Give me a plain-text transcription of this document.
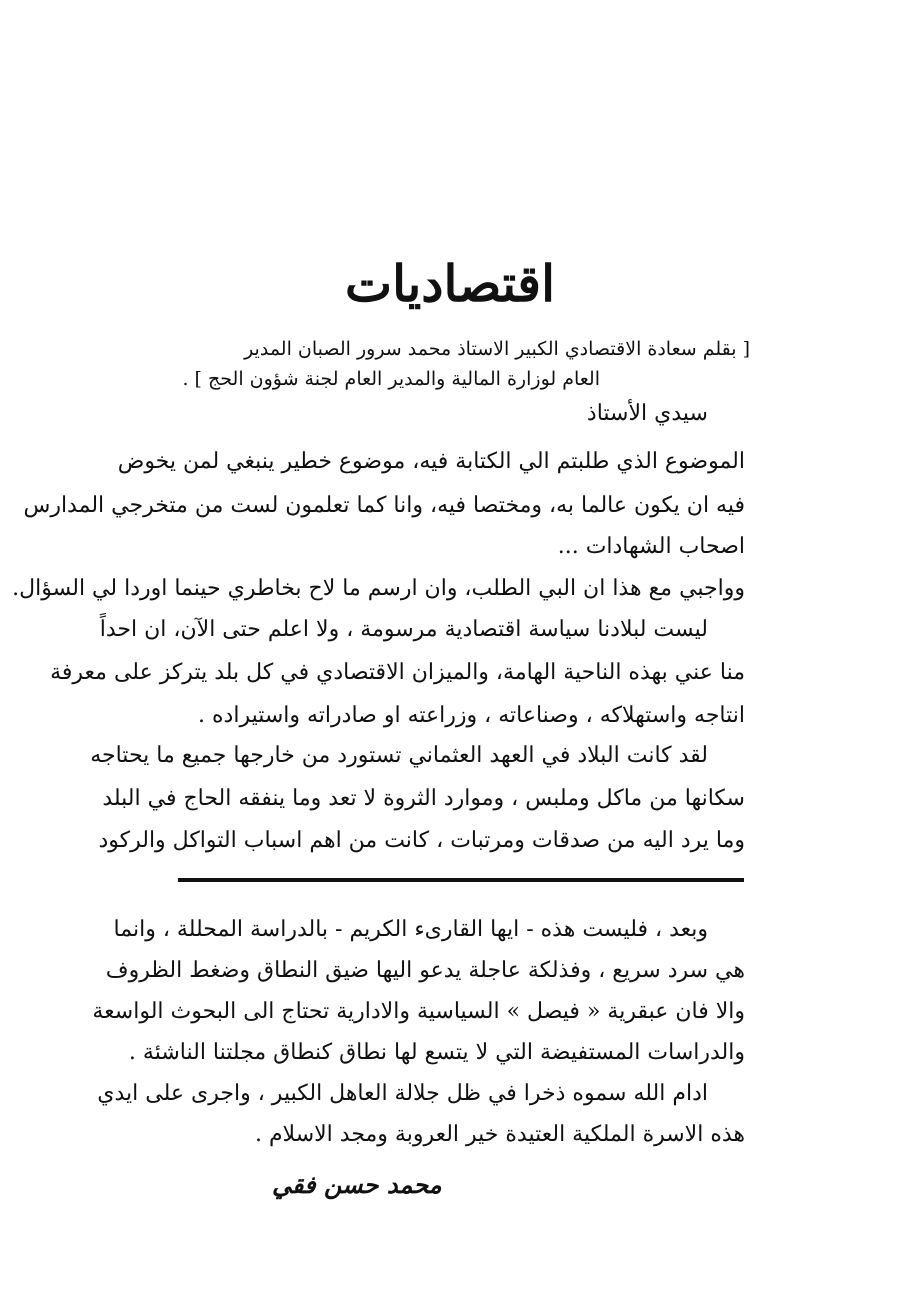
اقتصاديات
[ بقلم سعادة الاقتصادي الكبير الاستاذ محمد سرور الصبان المدير
العام لوزارة المالية والمدير العام لجنة شؤون الحج ] .
سيدي الأستاذ
الموضوع الذي طلبتم الي الكتابة فيه، موضوع خطير ينبغي لمن يخوض
فيه ان يكون عالما به، ومختصا فيه، وانا كما تعلمون لست من متخرجي المدارس
اصحاب الشهادات ...
وواجبي مع هذا ان البي الطلب، وان ارسم ما لاح بخاطري حينما اوردا لي السؤال.
ليست لبلادنا سياسة اقتصادية مرسومة ، ولا اعلم حتى الآن، ان احداً
منا عني بهذه الناحية الهامة، والميزان الاقتصادي في كل بلد يتركز على معرفة
انتاجه واستهلاكه ، وصناعاته ، وزراعته او صادراته واستيراده .
لقد كانت البلاد في العهد العثماني تستورد من خارجها جميع ما يحتاجه
سكانها من ماكل وملبس ، وموارد الثروة لا تعد وما ينفقه الحاج في البلد
وما يرد اليه من صدقات ومرتبات ، كانت من اهم اسباب التواكل والركود
وبعد ، فليست هذه - ايها القارىء الكريم - بالدراسة المحللة ، وانما
هي سرد سريع ، وفذلكة عاجلة يدعو اليها ضيق النطاق وضغط الظروف
والا فان عبقرية « فيصل » السياسية والادارية تحتاج الى البحوث الواسعة
والدراسات المستفيضة التي لا يتسع لها نطاق كنطاق مجلتنا الناشئة .
ادام الله سموه ذخرا في ظل جلالة العاهل الكبير ، واجرى على ايدي
هذه الاسرة الملكية العتيدة خير العروبة ومجد الاسلام .
محمد حسن فقي
